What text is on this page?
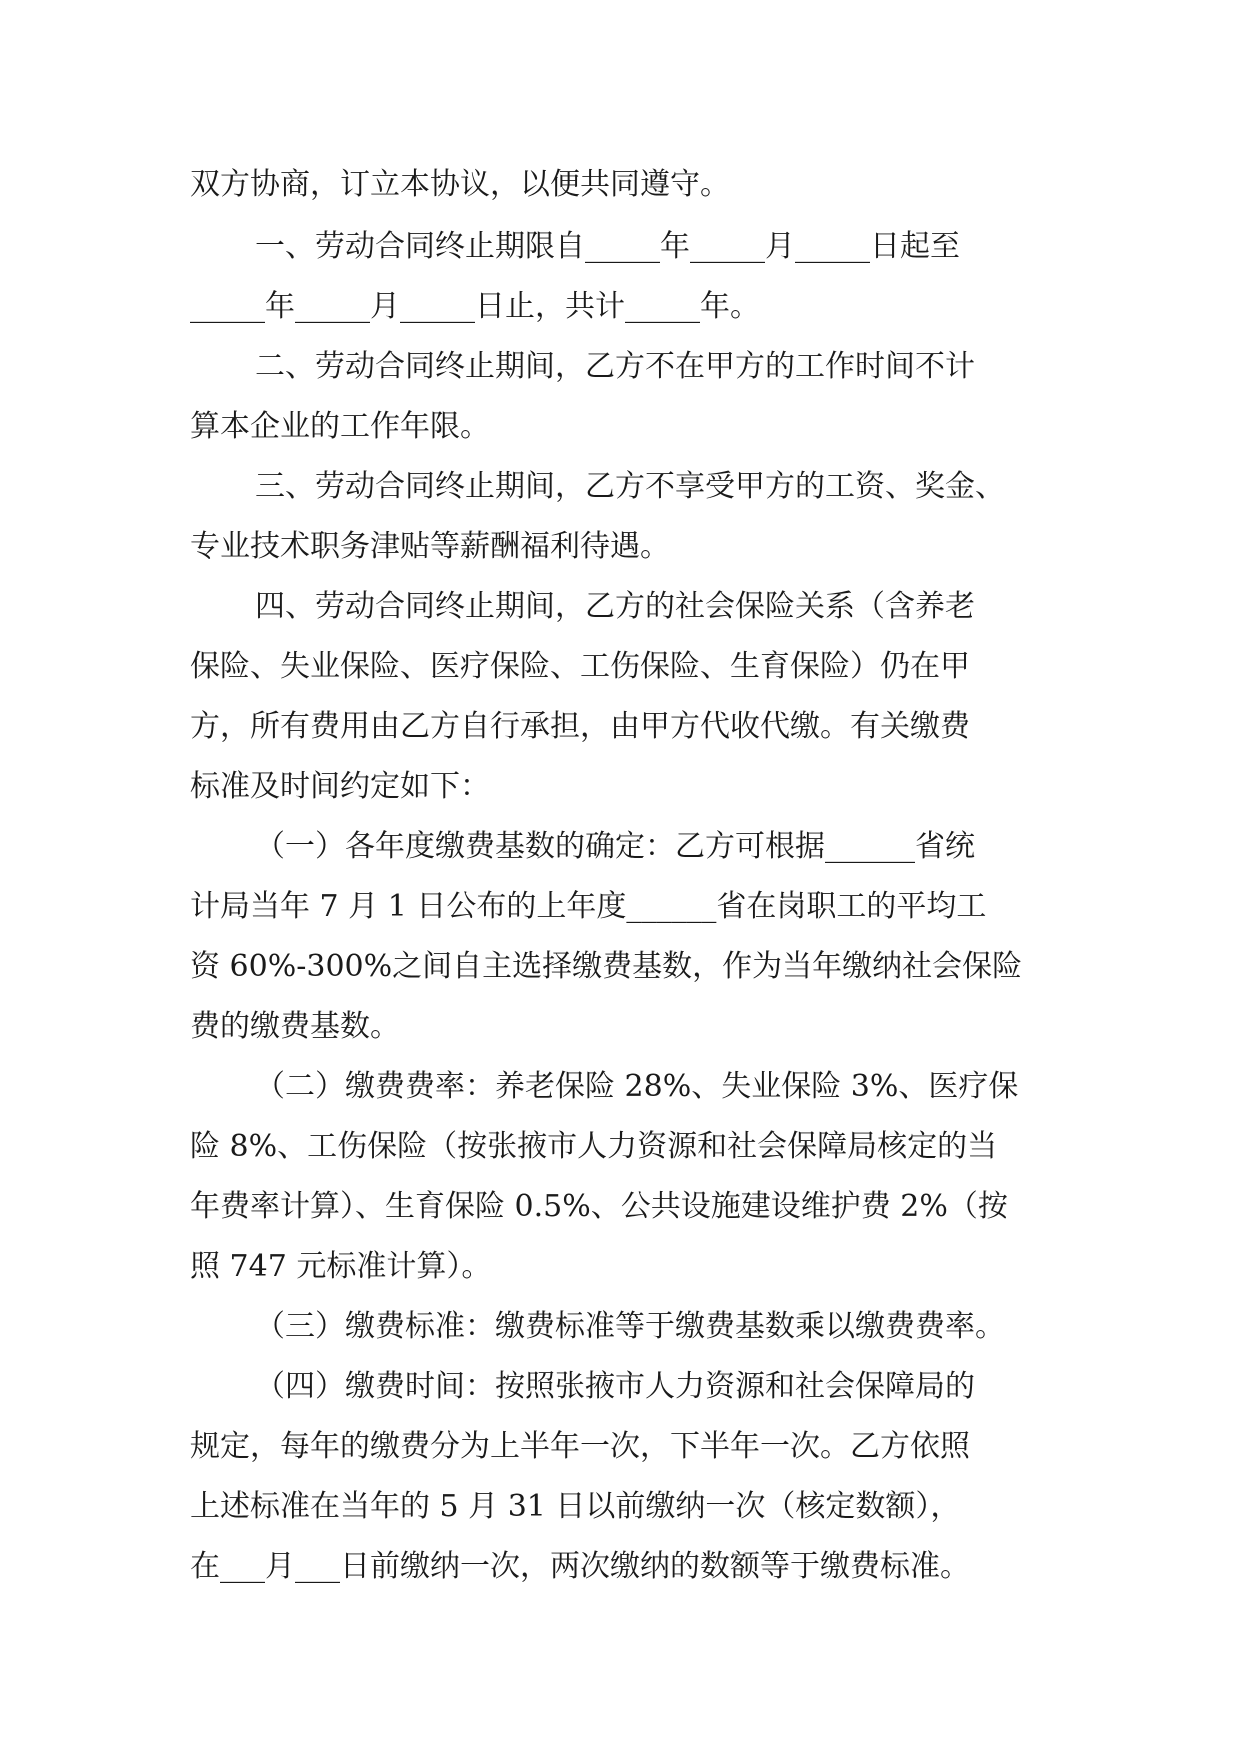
双方协商，订立本协议，以便共同遵守。
一、劳动合同终止期限自_____年_____月_____日起至
_____年_____月_____日止，共计_____年。
二、劳动合同终止期间，乙方不在甲方的工作时间不计
算本企业的工作年限。
三、劳动合同终止期间，乙方不享受甲方的工资、奖金、
专业技术职务津贴等薪酬福利待遇。
四、劳动合同终止期间，乙方的社会保险关系（含养老
保险、失业保险、医疗保险、工伤保险、生育保险）仍在甲
方，所有费用由乙方自行承担，由甲方代收代缴。有关缴费
标准及时间约定如下：
（一）各年度缴费基数的确定：乙方可根据______省统
计局当年 7 月 1 日公布的上年度______省在岗职工的平均工
资 60%-300%之间自主选择缴费基数，作为当年缴纳社会保险
费的缴费基数。
（二）缴费费率：养老保险 28%、失业保险 3%、医疗保
险 8%、工伤保险（按张掖市人力资源和社会保障局核定的当
年费率计算）、生育保险 0.5%、公共设施建设维护费 2%（按
照 747 元标准计算）。
（三）缴费标准：缴费标准等于缴费基数乘以缴费费率。
（四）缴费时间：按照张掖市人力资源和社会保障局的
规定，每年的缴费分为上半年一次，下半年一次。乙方依照
上述标准在当年的 5 月 31 日以前缴纳一次（核定数额），
在___月___日前缴纳一次，两次缴纳的数额等于缴费标准。
